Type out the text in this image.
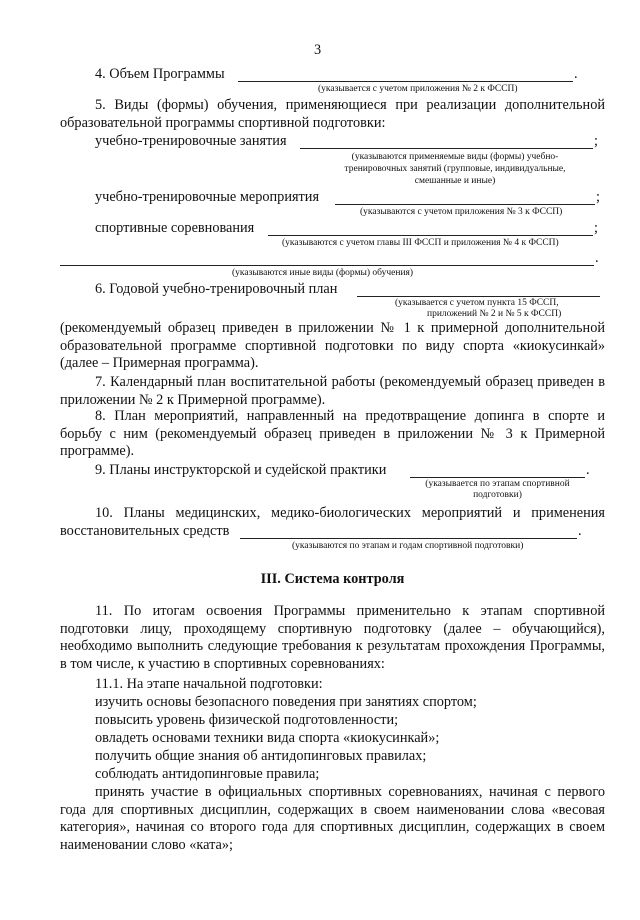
3
4. Объем Программы	.
(указывается с учетом приложения № 2 к ФССП)
5. Виды (формы) обучения, применяющиеся при реализации дополнительной образовательной программы спортивной подготовки:
учебно-тренировочные занятия	;
(указываются применяемые виды (формы) учебно-
тренировочных занятий (групповые, индивидуальные,
смешанные и иные)
учебно-тренировочные мероприятия	;
(указываются с учетом приложения № 3 к ФССП)
спортивные соревнования	;
(указываются с учетом главы III ФССП и приложения № 4 к ФССП)
.
(указываются иные виды (формы) обучения)
6. Годовой учебно-тренировочный план
(указывается с учетом пункта 15 ФССП,
приложений № 2 и № 5 к ФССП)
(рекомендуемый образец приведен в приложении № 1 к примерной дополнительной образовательной программе спортивной подготовки по виду спорта «киокусинкай» (далее – Примерная программа).
7. Календарный план воспитательной работы (рекомендуемый образец приведен в приложении № 2 к Примерной программе).
8. План мероприятий, направленный на предотвращение допинга в спорте и борьбу с ним (рекомендуемый образец приведен в приложении № 3 к Примерной программе).
9. Планы инструкторской и судейской практики	.
(указывается по этапам спортивной
подготовки)
10. Планы медицинских, медико-биологических мероприятий и применения
восстановительных средств	.
(указываются по этапам и годам спортивной подготовки)
III. Система контроля
11. По итогам освоения Программы применительно к этапам спортивной подготовки лицу, проходящему спортивную подготовку (далее – обучающийся), необходимо выполнить следующие требования к результатам прохождения Программы, в том числе, к участию в спортивных соревнованиях:
11.1. На этапе начальной подготовки:
изучить основы безопасного поведения при занятиях спортом;
повысить уровень физической подготовленности;
овладеть основами техники вида спорта «киокусинкай»;
получить общие знания об антидопинговых правилах;
соблюдать антидопинговые правила;
принять участие в официальных спортивных соревнованиях, начиная с первого года для спортивных дисциплин, содержащих в своем наименовании слова «весовая категория», начиная со второго года для спортивных дисциплин, содержащих в своем наименовании слово «ката»;
